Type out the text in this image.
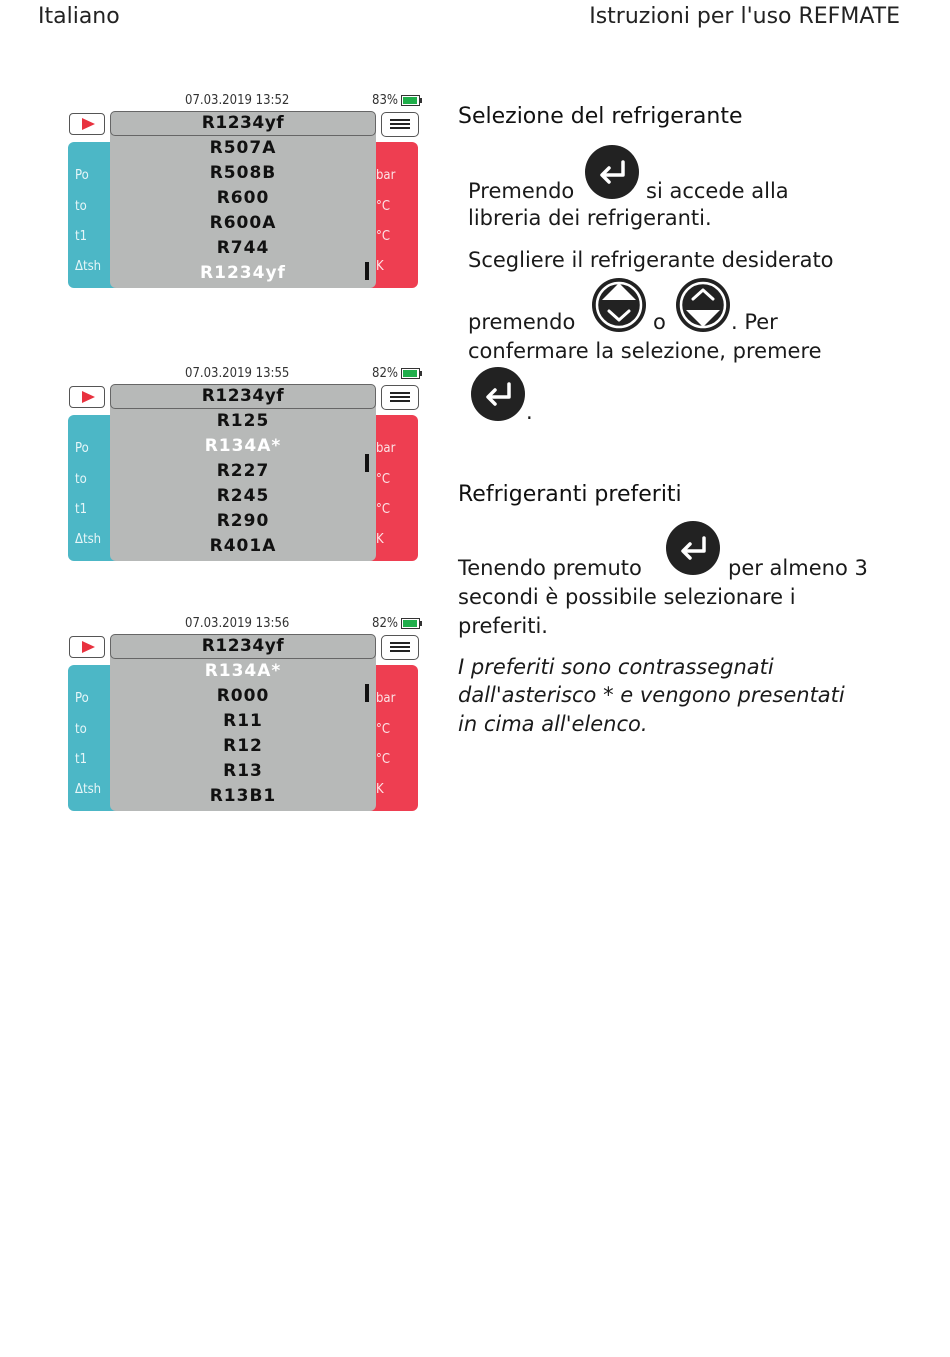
Italiano	Istruzioni per l'uso REFMATE
07.03.2019 13:52	83%
Po
to
t1
Δtsh
bar
°C
°C
K
R1234yf
R507A
R508B
R600
R600A
R744
R1234yf
07.03.2019 13:55	82%
Po
to
t1
Δtsh
bar
°C
°C
K
R1234yf
R125
R134A*
R227
R245
R290
R401A
07.03.2019 13:56	82%
Po
to
t1
Δtsh
bar
°C
°C
K
R1234yf
R134A*
R000
R11
R12
R13
R13B1
Selezione del refrigerante
Premendo	si accede alla
libreria dei refrigeranti.
Scegliere il refrigerante desiderato
premendo	o	. Per
confermare la selezione, premere
.
Refrigeranti preferiti
Tenendo premuto	per almeno 3
secondi è possibile selezionare i
preferiti.
I preferiti sono contrassegnati
dall'asterisco * e vengono presentati
in cima all'elenco.
